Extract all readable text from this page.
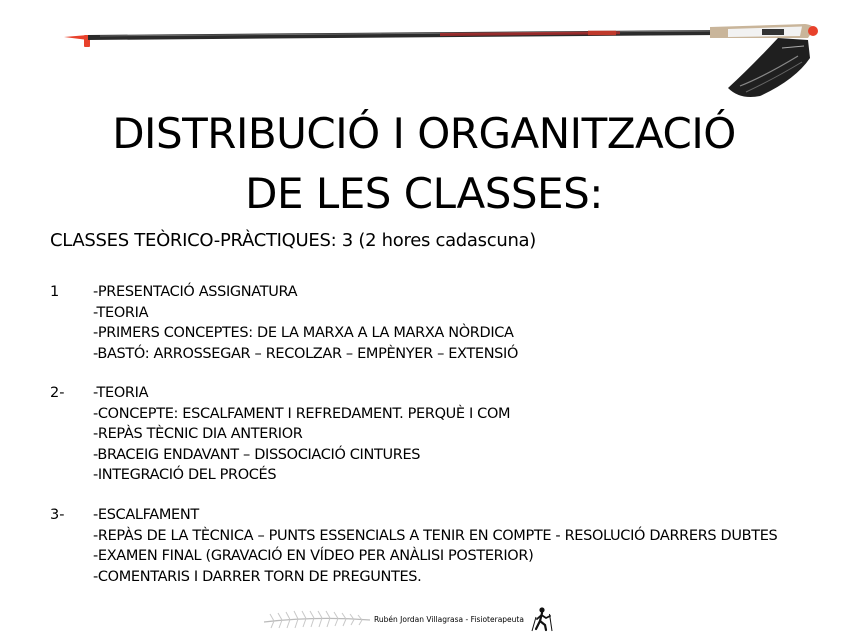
DISTRIBUCIÓ I ORGANITZACIÓ
DE LES CLASSES:
CLASSES TEÒRICO-PRÀCTIQUES: 3 (2 hores cadascuna)
1 -PRESENTACIÓ ASSIGNATURA
-TEORIA
-PRIMERS CONCEPTES: DE LA MARXA A LA MARXA NÒRDICA
-BASTÓ: ARROSSEGAR – RECOLZAR – EMPÈNYER – EXTENSIÓ
2- -TEORIA
-CONCEPTE: ESCALFAMENT I REFREDAMENT. PERQUÈ I COM
-REPÀS TÈCNIC DIA ANTERIOR
-BRACEIG ENDAVANT – DISSOCIACIÓ CINTURES
-INTEGRACIÓ DEL PROCÉS
3- -ESCALFAMENT
-REPÀS DE LA TÈCNICA – PUNTS ESSENCIALS A TENIR EN COMPTE - RESOLUCIÓ DARRERS DUBTES
-EXAMEN FINAL (GRAVACIÓ EN VÍDEO PER ANÀLISI POSTERIOR)
-COMENTARIS I DARRER TORN DE PREGUNTES.
Rubén Jordan Villagrasa - Fisioterapeuta
